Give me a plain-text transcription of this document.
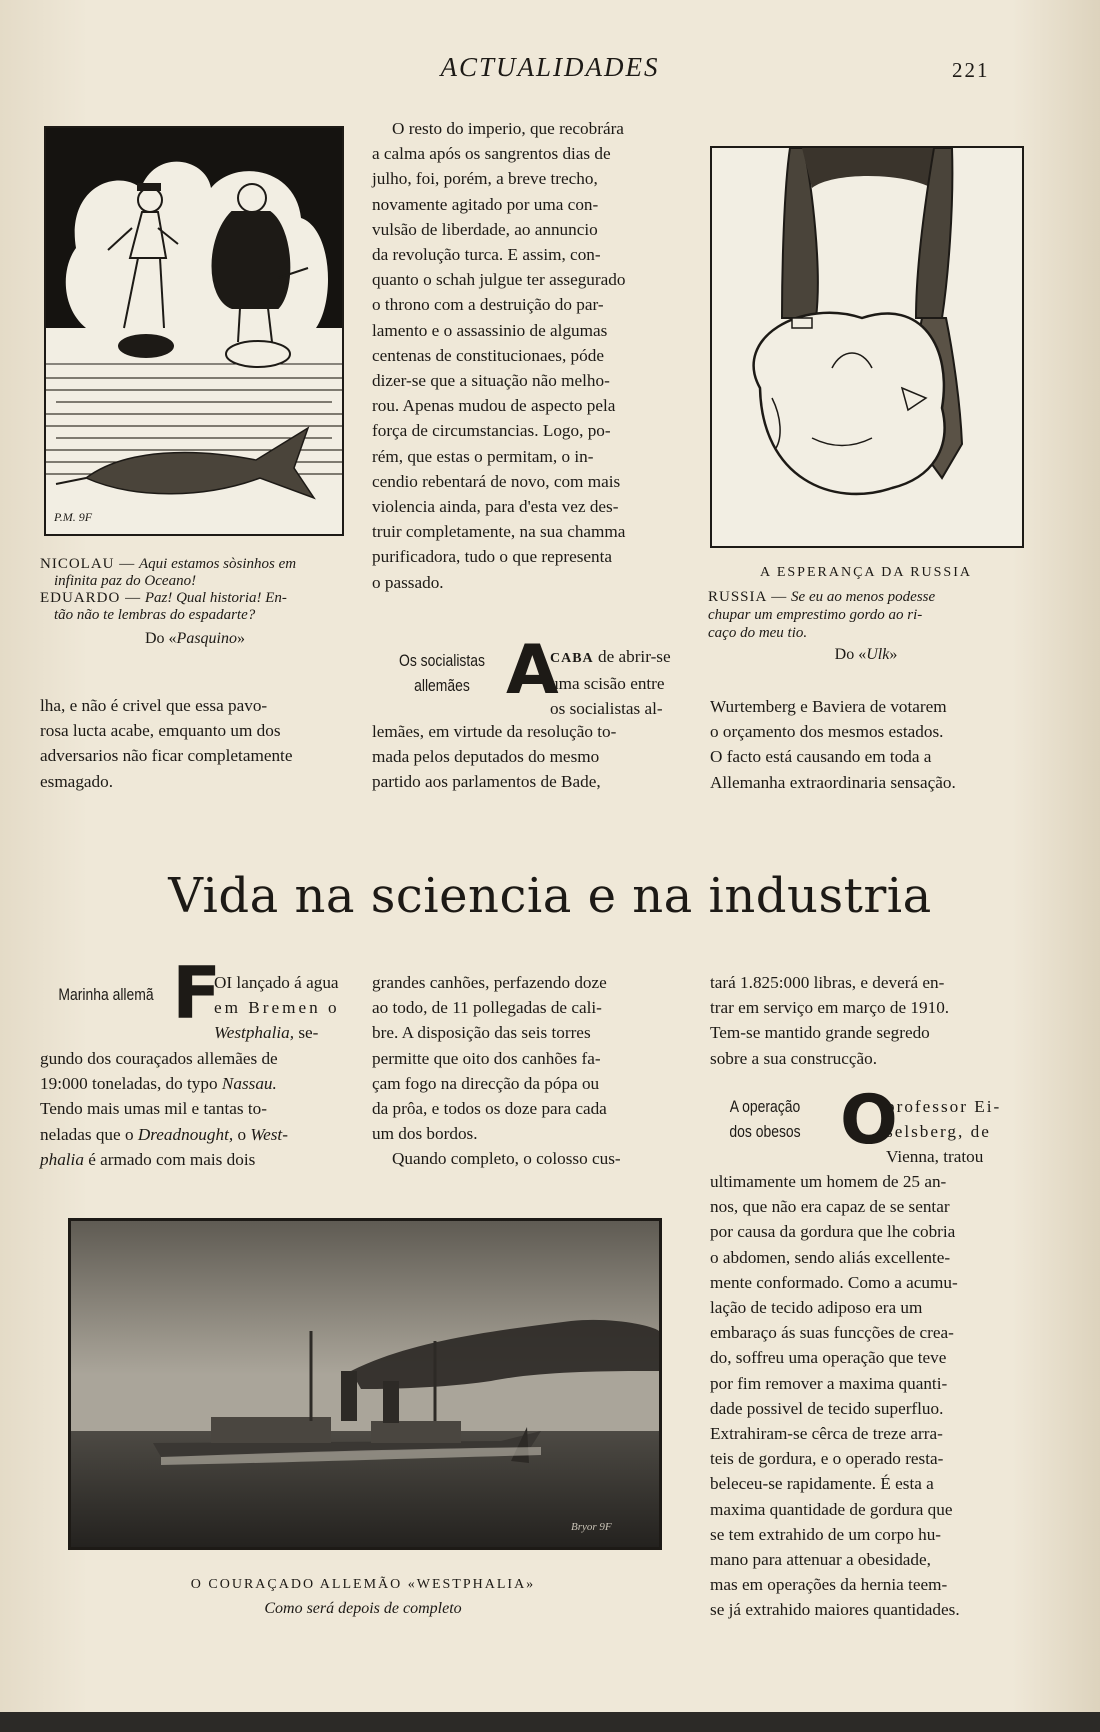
ACTUALIDADES	221
P.M. 9F
NICOLAU — Aqui estamos sòsinhos em
infinita paz do Oceano!
EDUARDO — Paz! Qual historia! En-
tão não te lembras do espadarte?
Do «Pasquino»

lha, e não é crivel que essa pavo-

rosa lucta acabe, emquanto um dos

adversarios não ficar completamente

esmagado.

O resto do imperio, que recobrára

a calma após os sangrentos dias de

julho, foi, porém, a breve trecho,

novamente agitado por uma con-

vulsão de liberdade, ao annuncio

da revolução turca. E assim, con-

quanto o schah julgue ter assegurado

o throno com a destruição do par-

lamento e o assassinio de algumas

centenas de constitucionaes, póde

dizer-se que a situação não melho-

rou. Apenas mudou de aspecto pela

força de circumstancias. Logo, po-

rém, que estas o permitam, o in-

cendio rebentará de novo, com mais

violencia ainda, para d'esta vez des-

truir completamente, na sua chamma

purificadora, tudo o que representa

o passado.

Os socialistas
allemães A

CABA de abrir-se

uma scisão entre

os socialistas al-

lemães, em virtude da resolução to-

mada pelos deputados do mesmo

partido aos parlamentos de Bade,

A ESPERANÇA DA RUSSIA
RUSSIA — Se eu ao menos podesse
chupar um emprestimo gordo ao ri-
caço do meu tio.
Do «Ulk»

Wurtemberg e Baviera de votarem

o orçamento dos mesmos estados.

O facto está causando em toda a

Allemanha extraordinaria sensação.

Vida na sciencia e na industria
Marinha allemã F

OI lançado á agua

em Bremen o

Westphalia, se-

gundo dos couraçados allemães de

19:000 toneladas, do typo Nassau.

Tendo mais umas mil e tantas to-

neladas que o Dreadnought, o West-

phalia é armado com mais dois

grandes canhões, perfazendo doze

ao todo, de 11 pollegadas de cali-

bre. A disposição das seis torres

permitte que oito dos canhões fa-

çam fogo na direcção da pópa ou

da prôa, e todos os doze para cada

um dos bordos.

Quando completo, o colosso cus-

tará 1.825:000 libras, e deverá en-

trar em serviço em março de 1910.

Tem-se mantido grande segredo

sobre a sua construcção.

A operação
dos obesos O

professor Ei-

selsberg, de

Vienna, tratou

ultimamente um homem de 25 an-

nos, que não era capaz de se sentar

por causa da gordura que lhe cobria

o abdomen, sendo aliás excellente-

mente conformado. Como a acumu-

lação de tecido adiposo era um

embaraço ás suas funcções de crea-

do, soffreu uma operação que teve

por fim remover a maxima quanti-

dade possivel de tecido superfluo.

Extrahiram-se cêrca de treze arra-

teis de gordura, e o operado resta-

beleceu-se rapidamente. É esta a

maxima quantidade de gordura que

se tem extrahido de um corpo hu-

mano para attenuar a obesidade,

mas em operações da hernia teem-

se já extrahido maiores quantidades.

Bryor 9F
O COURAÇADO ALLEMÃO «WESTPHALIA»
Como será depois de completo
